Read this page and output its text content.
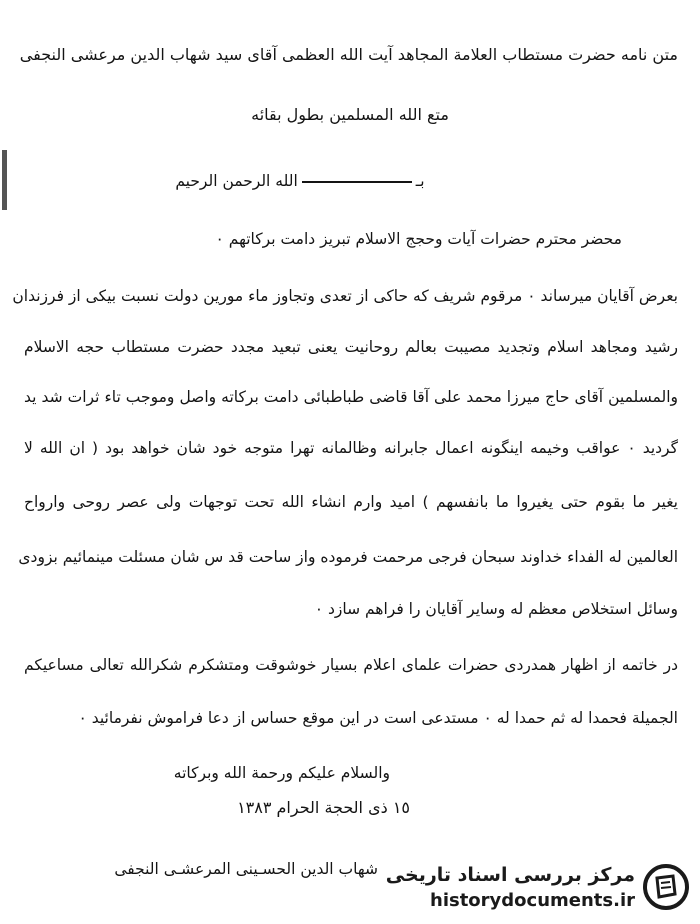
متن نامه حضرت مستطاب العلامة المجاهد آیت الله العظمی آقای سید شهاب الدین مرعشی النجفی
متع الله المسلمین بطول بقائه
بـالله الرحمن الرحیم
محضر محترم حضرات آیات وحجج الاسلام تبریز دامت برکاتهم ٠
بعرض آقایان میرساند ٠ مرقوم شریف که حاکی از تعدی وتجاوز ماء مورین دولت نسبت بیکی از فرزندان
رشید ومجاهد اسلام وتجدید مصیبت بعالم روحانیت یعنی تبعید مجدد حضرت مستطاب حجه الاسلام
والمسلمین آقای حاج میرزا محمد علی آقا قاضی طباطبائی دامت برکاته واصل وموجب تاء ثرات شد ید
گردید ٠ عواقب وخیمه اینگونه اعمال جابرانه وظالمانه تهرا متوجه خود شان خواهد بود ( ان الله لا
یغیر ما بقوم حتی یغیروا ما بانفسهم ) امید وارم انشاء الله تحت توجهات ولی عصر روحی وارواح
العالمین له الفداء خداوند سبحان فرجی مرحمت فرموده واز ساحت قد س شان مسئلت مینمائیم بزودی
وسائل استخلاص معظم له وسایر آقایان را فراهم سازد ٠
در خاتمه از اظهار همدردی حضرات علمای اعلام بسیار خوشوقت ومتشکرم شکرالله تعالی مساعیکم
الجمیلة فحمدا له ثم حمدا له ٠ مستدعی است در این موقع حساس از دعا فراموش نفرمائید ٠
والسلام علیکم ورحمة الله وبرکاته
١٥ ذی الحجة الحرام ١٣٨٣
شهاب الدین الحسـینی المرعشـی النجفی مرکز بررسی اسناد تاریخی
historydocuments.ir
